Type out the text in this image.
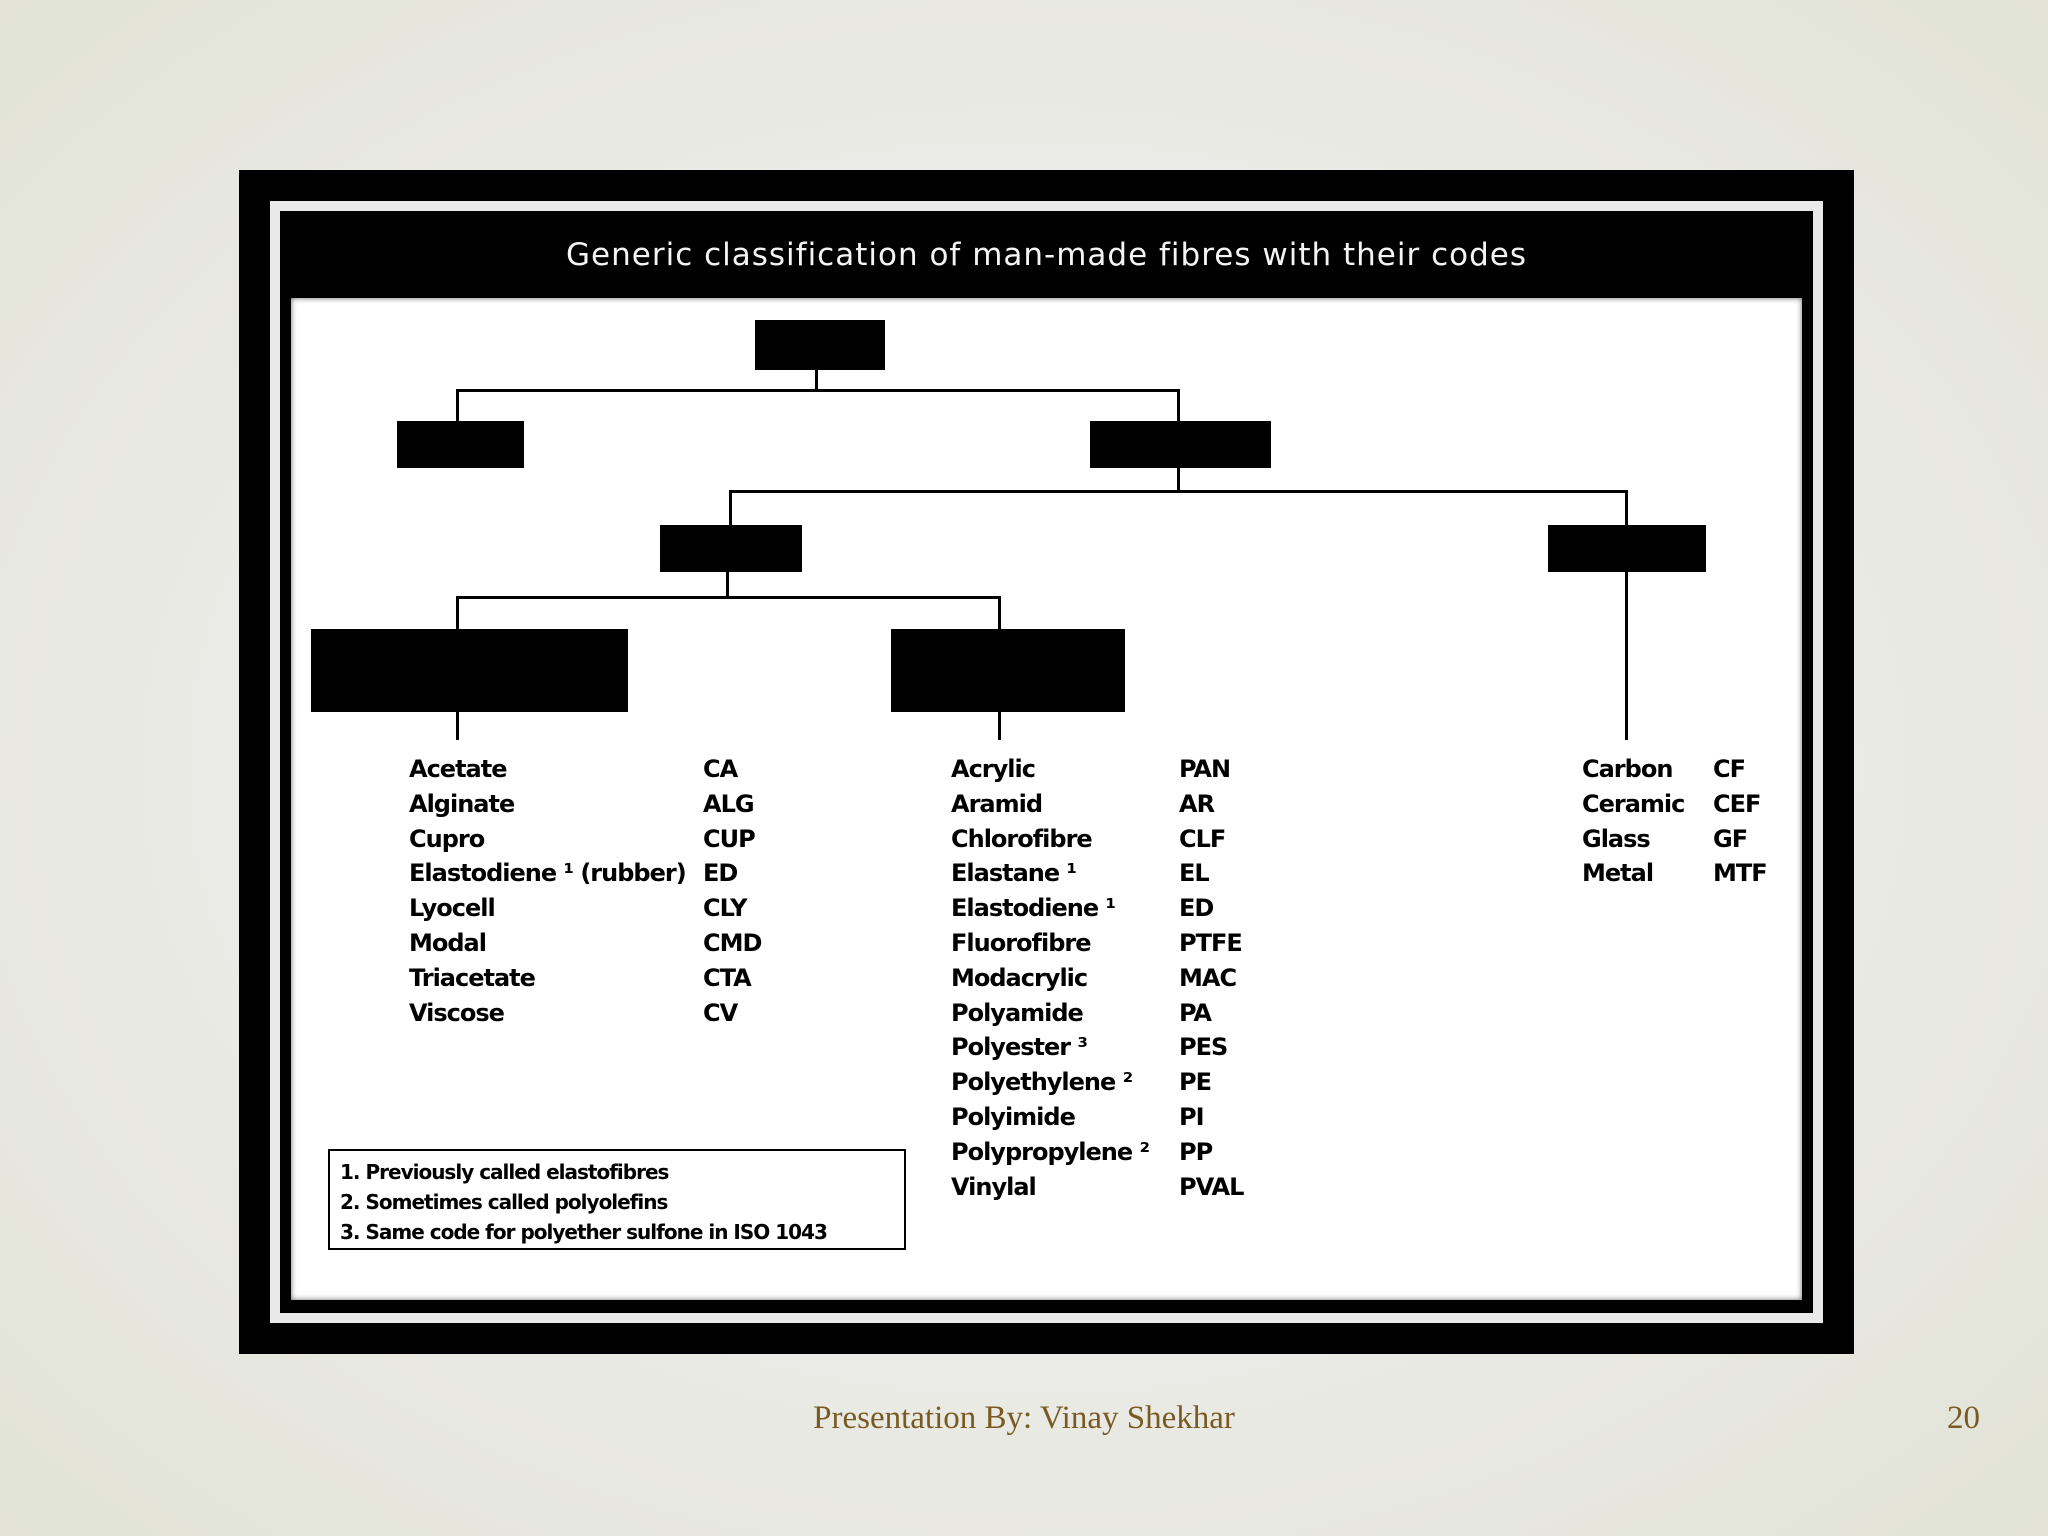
Generic classification of man-made fibres with their codes
Acetate
Alginate
Cupro
Elastodiene ¹ (rubber)
Lyocell
Modal
Triacetate
Viscose
CA
ALG
CUP
ED
CLY
CMD
CTA
CV
Acrylic
Aramid
Chlorofibre
Elastane ¹
Elastodiene ¹
Fluorofibre
Modacrylic
Polyamide
Polyester ³
Polyethylene ²
Polyimide
Polypropylene ²
Vinylal
PAN
AR
CLF
EL
ED
PTFE
MAC
PA
PES
PE
PI
PP
PVAL
Carbon
Ceramic
Glass
Metal
CF
CEF
GF
MTF
1. Previously called elastofibres
2. Sometimes called polyolefins
3. Same code for polyether sulfone in ISO 1043
Presentation By: Vinay Shekhar	20
